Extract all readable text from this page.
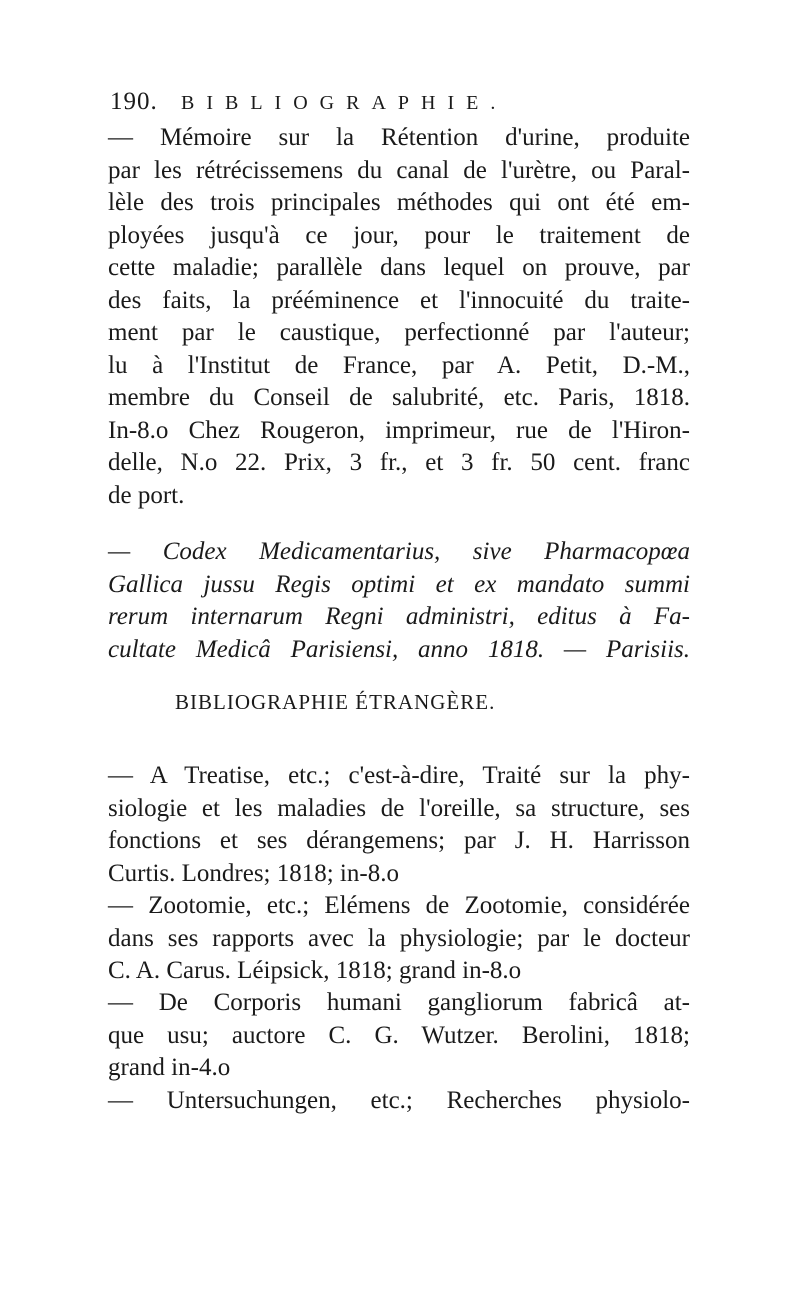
190. BIBLIOGRAPHIE.
— Mémoire sur la Rétention d'urine, produite
par les rétrécissemens du canal de l'urètre, ou Paral-
lèle des trois principales méthodes qui ont été em-
ployées jusqu'à ce jour, pour le traitement de
cette maladie; parallèle dans lequel on prouve, par
des faits, la prééminence et l'innocuité du traite-
ment par le caustique, perfectionné par l'auteur;
lu à l'Institut de France, par A. Petit, D.-M.,
membre du Conseil de salubrité, etc. Paris, 1818.
In-8.o Chez Rougeron, imprimeur, rue de l'Hiron-
delle, N.o 22. Prix, 3 fr., et 3 fr. 50 cent. franc
de port.
— Codex Medicamentarius, sive Pharmacopœa
Gallica jussu Regis optimi et ex mandato summi
rerum internarum Regni administri, editus à Fa-
cultate Medicâ Parisiensi, anno 1818. — Parisiis.
BIBLIOGRAPHIE ÉTRANGÈRE.
— A Treatise, etc.; c'est-à-dire, Traité sur la phy-
siologie et les maladies de l'oreille, sa structure, ses
fonctions et ses dérangemens; par J. H. Harrisson
Curtis. Londres; 1818; in-8.o
— Zootomie, etc.; Elémens de Zootomie, considérée
dans ses rapports avec la physiologie; par le docteur
C. A. Carus. Léipsick, 1818; grand in-8.o
— De Corporis humani gangliorum fabricâ at-
que usu; auctore C. G. Wutzer. Berolini, 1818;
grand in-4.o
— Untersuchungen, etc.; Recherches physiolo-
